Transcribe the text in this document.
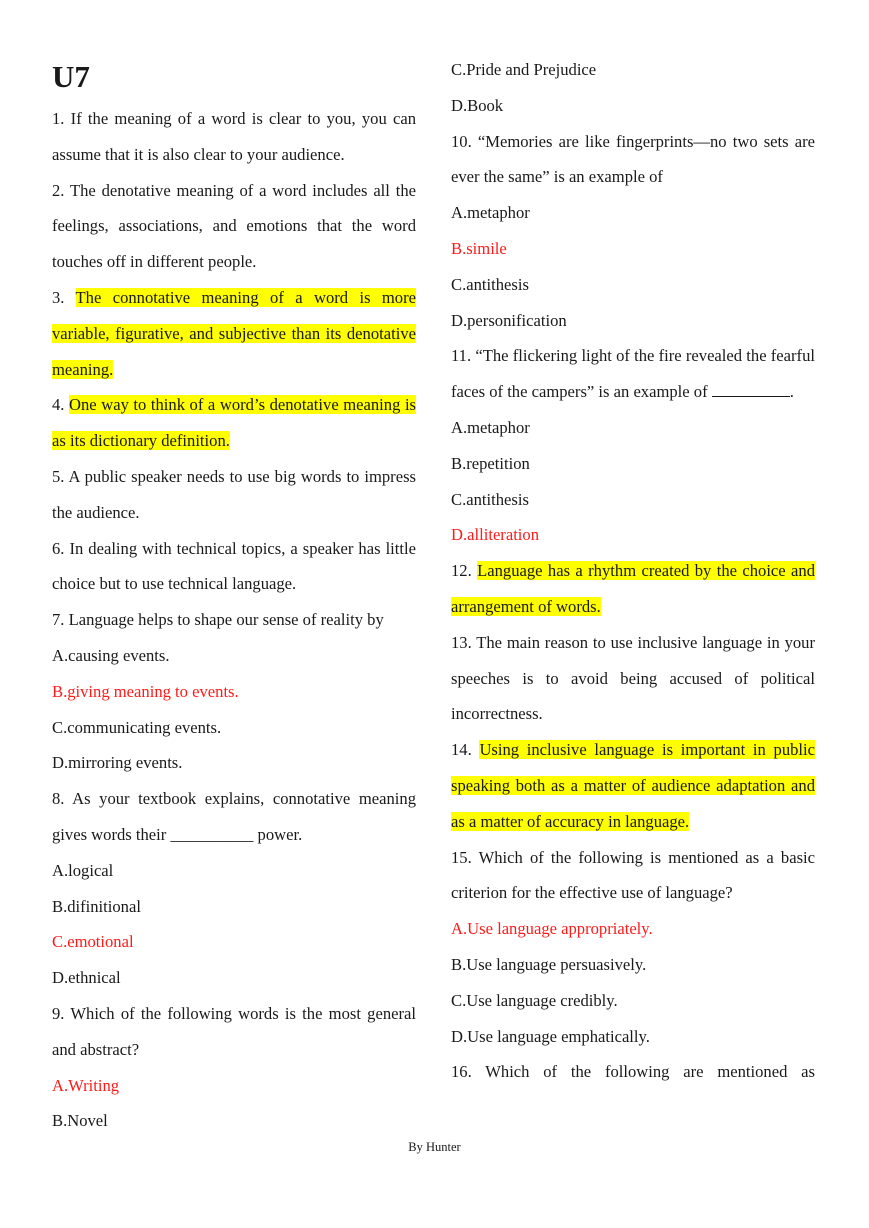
U7

1. If the meaning of a word is clear to you, you can assume that it is also clear to your audience.

2. The denotative meaning of a word includes all the feelings, associations, and emotions that the word touches off in different people.

3. The connotative meaning of a word is more variable, figurative, and subjective than its denotative meaning.

4. One way to think of a word’s denotative meaning is as its dictionary definition.

5. A public speaker needs to use big words to impress the audience.

6. In dealing with technical topics, a speaker has little choice but to use technical language.

7. Language helps to shape our sense of reality by

A.causing events.

B.giving meaning to events.

C.communicating events.

D.mirroring events.

8. As your textbook explains, connotative meaning gives words their __________ power.

A.logical

B.difinitional

C.emotional

D.ethnical

9. Which of the following words is the most general and abstract?

A.Writing

B.Novel

C.Pride and Prejudice

D.Book

10. “Memories are like fingerprints—no two sets are ever the same” is an example of

A.metaphor

B.simile

C.antithesis

D.personification

11. “The flickering light of the fire revealed the fearful faces of the campers” is an example of	.

A.metaphor

B.repetition

C.antithesis

D.alliteration

12. Language has a rhythm created by the choice and arrangement of words.

13. The main reason to use inclusive language in your speeches is to avoid being accused of political incorrectness.

14. Using inclusive language is important in public speaking both as a matter of audience adaptation and as a matter of accuracy in language.

15. Which of the following is mentioned as a basic criterion for the effective use of language?

A.Use language appropriately.

B.Use language persuasively.

C.Use language credibly.

D.Use language emphatically.

16. Which of the following are mentioned as

By Hunter
